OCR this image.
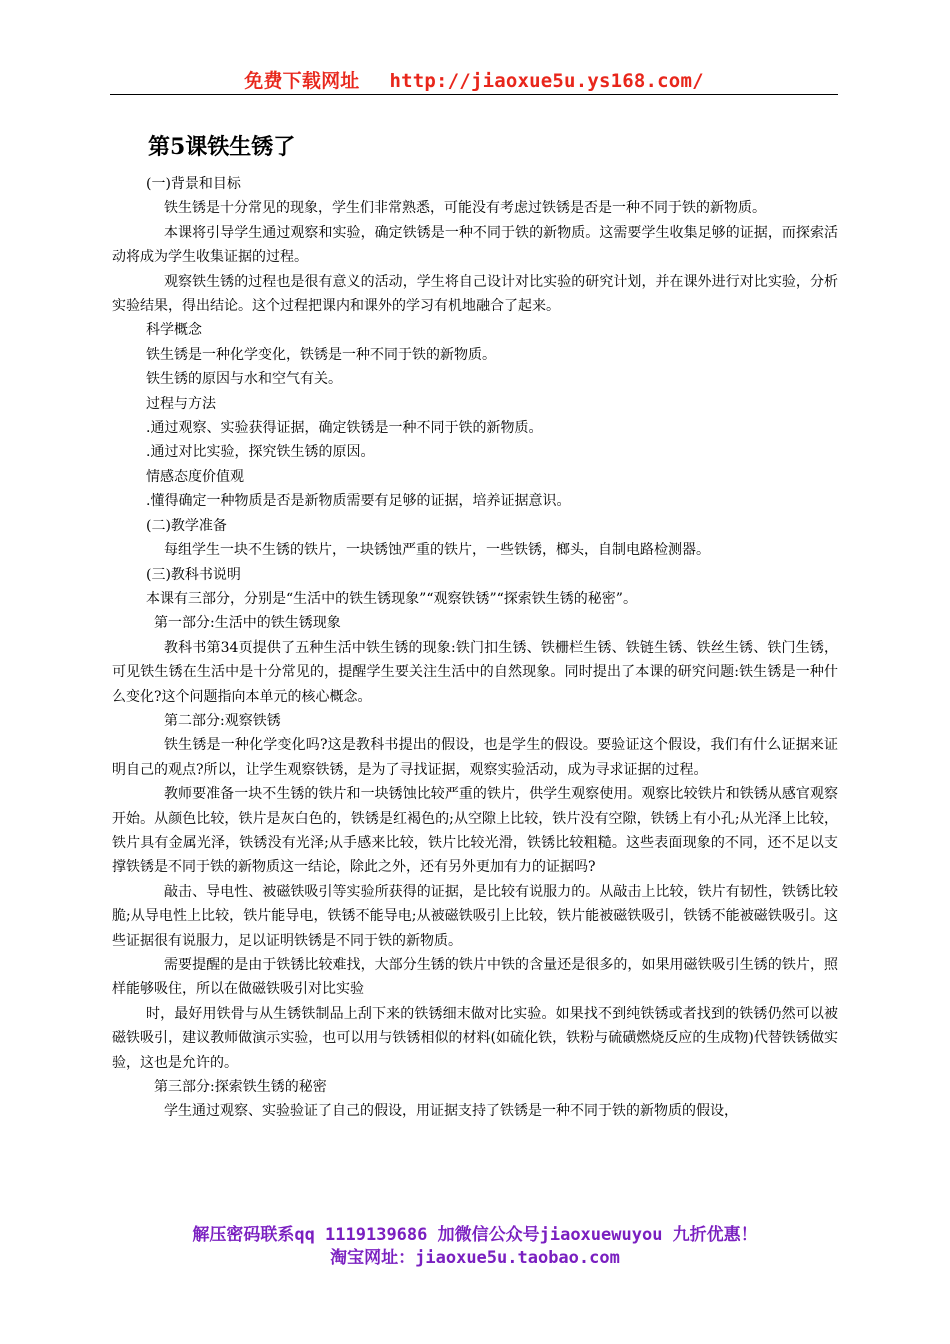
免费下载网址 http://jiaoxue5u.ys168.com/
第5课铁生锈了

(一)背景和目标

铁生锈是十分常见的现象，学生们非常熟悉，可能没有考虑过铁锈是否是一种不同于铁的新物质。

本课将引导学生通过观察和实验，确定铁锈是一种不同于铁的新物质。这需要学生收集足够的证据，而探索活动将成为学生收集证据的过程。

观察铁生锈的过程也是很有意义的活动，学生将自己设计对比实验的研究计划，并在课外进行对比实验，分析实验结果，得出结论。这个过程把课内和课外的学习有机地融合了起来。

科学概念

铁生锈是一种化学变化，铁锈是一种不同于铁的新物质。

铁生锈的原因与水和空气有关。

过程与方法

.通过观察、实验获得证据，确定铁锈是一种不同于铁的新物质。

.通过对比实验，探究铁生锈的原因。

情感态度价值观

.懂得确定一种物质是否是新物质需要有足够的证据，培养证据意识。

(二)教学准备

每组学生一块不生锈的铁片，一块锈蚀严重的铁片，一些铁锈，榔头，自制电路检测器。

(三)教科书说明

本课有三部分，分别是“生活中的铁生锈现象”“观察铁锈”“探索铁生锈的秘密”。

第一部分:生活中的铁生锈现象

教科书第34页提供了五种生活中铁生锈的现象:铁门扣生锈、铁栅栏生锈、铁链生锈、铁丝生锈、铁门生锈，可见铁生锈在生活中是十分常见的，提醒学生要关注生活中的自然现象。同时提出了本课的研究问题:铁生锈是一种什么变化?这个问题指向本单元的核心概念。

第二部分:观察铁锈

铁生锈是一种化学变化吗?这是教科书提出的假设，也是学生的假设。要验证这个假设，我们有什么证据来证明自己的观点?所以，让学生观察铁锈，是为了寻找证据，观察实验活动，成为寻求证据的过程。

教师要准备一块不生锈的铁片和一块锈蚀比较严重的铁片，供学生观察使用。观察比较铁片和铁锈从感官观察开始。从颜色比较，铁片是灰白色的，铁锈是红褐色的;从空隙上比较，铁片没有空隙，铁锈上有小孔;从光泽上比较，铁片具有金属光泽，铁锈没有光泽;从手感来比较，铁片比较光滑，铁锈比较粗糙。这些表面现象的不同，还不足以支撑铁锈是不同于铁的新物质这一结论，除此之外，还有另外更加有力的证据吗?

敲击、导电性、被磁铁吸引等实验所获得的证据，是比较有说服力的。从敲击上比较，铁片有韧性，铁锈比较脆;从导电性上比较，铁片能导电，铁锈不能导电;从被磁铁吸引上比较，铁片能被磁铁吸引，铁锈不能被磁铁吸引。这些证据很有说服力，足以证明铁锈是不同于铁的新物质。

需要提醒的是由于铁锈比较难找，大部分生锈的铁片中铁的含量还是很多的，如果用磁铁吸引生锈的铁片，照样能够吸住，所以在做磁铁吸引对比实验

时，最好用铁骨与从生锈铁制品上刮下来的铁锈细末做对比实验。如果找不到纯铁锈或者找到的铁锈仍然可以被磁铁吸引，建议教师做演示实验，也可以用与铁锈相似的材料(如硫化铁，铁粉与硫磺燃烧反应的生成物)代替铁锈做实验，这也是允许的。

第三部分:探索铁生锈的秘密

学生通过观察、实验验证了自己的假设，用证据支持了铁锈是一种不同于铁的新物质的假设，

解压密码联系qq 1119139686 加微信公众号jiaoxuewuyou 九折优惠！
淘宝网址：jiaoxue5u.taobao.com
